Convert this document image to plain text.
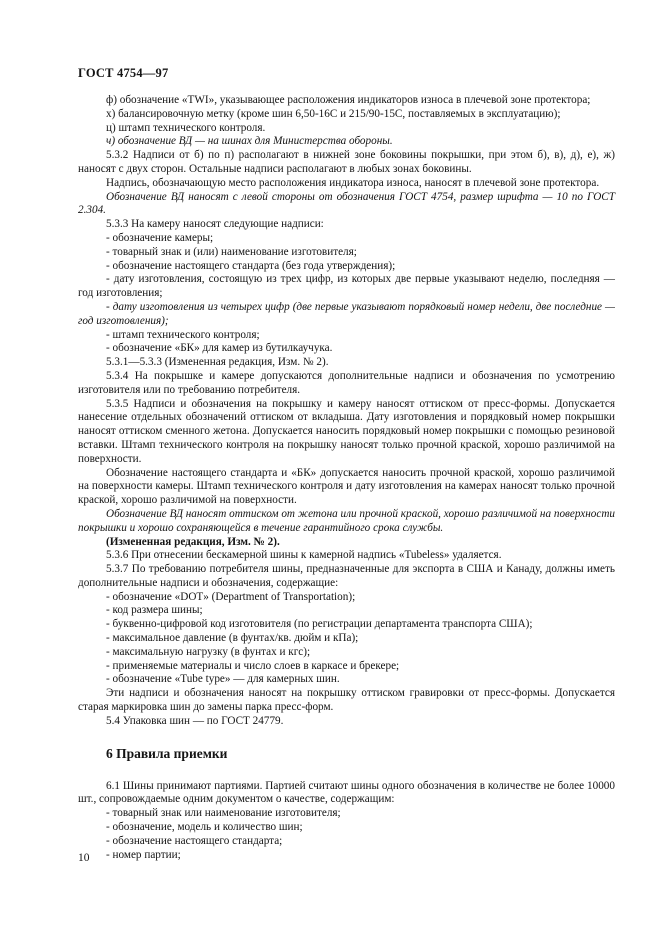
ГОСТ 4754—97

ф) обозначение «TWI», указывающее расположения индикаторов износа в плечевой зоне протектора;

х) балансировочную метку (кроме шин 6,50-16C и 215/90-15C, поставляемых в эксплуатацию);

ц) штамп технического контроля.

ч) обозначение ВД — на шинах для Министерства обороны.

5.3.2 Надписи от б) по п) располагают в нижней зоне боковины покрышки, при этом б), в), д), е), ж) наносят с двух сторон. Остальные надписи располагают в любых зонах боковины.

Надпись, обозначающую место расположения индикатора износа, наносят в плечевой зоне протектора.

Обозначение ВД наносят с левой стороны от обозначения ГОСТ 4754, размер шрифта — 10 по ГОСТ 2.304.

5.3.3 На камеру наносят следующие надписи:

- обозначение камеры;

- товарный знак и (или) наименование изготовителя;

- обозначение настоящего стандарта (без года утверждения);

- дату изготовления, состоящую из трех цифр, из которых две первые указывают неделю, последняя — год изготовления;

- дату изготовления из четырех цифр (две первые указывают порядковый номер недели, две последние — год изготовления);

- штамп технического контроля;

- обозначение «БК» для камер из бутилкаучука.

5.3.1—5.3.3 (Измененная редакция, Изм. № 2).

5.3.4 На покрышке и камере допускаются дополнительные надписи и обозначения по усмотрению изготовителя или по требованию потребителя.

5.3.5 Надписи и обозначения на покрышку и камеру наносят оттиском от пресс-формы. Допускается нанесение отдельных обозначений оттиском от вкладыша. Дату изготовления и порядковый номер покрышки наносят оттиском сменного жетона. Допускается наносить порядковый номер покрышки с помощью резиновой вставки. Штамп технического контроля на покрышку наносят только прочной краской, хорошо различимой на поверхности.

Обозначение настоящего стандарта и «БК» допускается наносить прочной краской, хорошо различимой на поверхности камеры. Штамп технического контроля и дату изготовления на камерах наносят только прочной краской, хорошо различимой на поверхности.

Обозначение ВД наносят оттиском от жетона или прочной краской, хорошо различимой на поверхности покрышки и хорошо сохраняющейся в течение гарантийного срока службы.

(Измененная редакция, Изм. № 2).

5.3.6 При отнесении бескамерной шины к камерной надпись «Tubeless» удаляется.

5.3.7 По требованию потребителя шины, предназначенные для экспорта в США и Канаду, должны иметь дополнительные надписи и обозначения, содержащие:

- обозначение «DOT» (Department of Transportation);

- код размера шины;

- буквенно-цифровой код изготовителя (по регистрации департамента транспорта США);

- максимальное давление (в фунтах/кв. дюйм и кПа);

- максимальную нагрузку (в фунтах и кгс);

- применяемые материалы и число слоев в каркасе и брекере;

- обозначение «Tube type» — для камерных шин.

Эти надписи и обозначения наносят на покрышку оттиском гравировки от пресс-формы. Допускается старая маркировка шин до замены парка пресс-форм.

5.4 Упаковка шин — по ГОСТ 24779.

6 Правила приемки

6.1 Шины принимают партиями. Партией считают шины одного обозначения в количестве не более 10000 шт., сопровождаемые одним документом о качестве, содержащим:

- товарный знак или наименование изготовителя;

- обозначение, модель и количество шин;

- обозначение настоящего стандарта;

- номер партии;

10
